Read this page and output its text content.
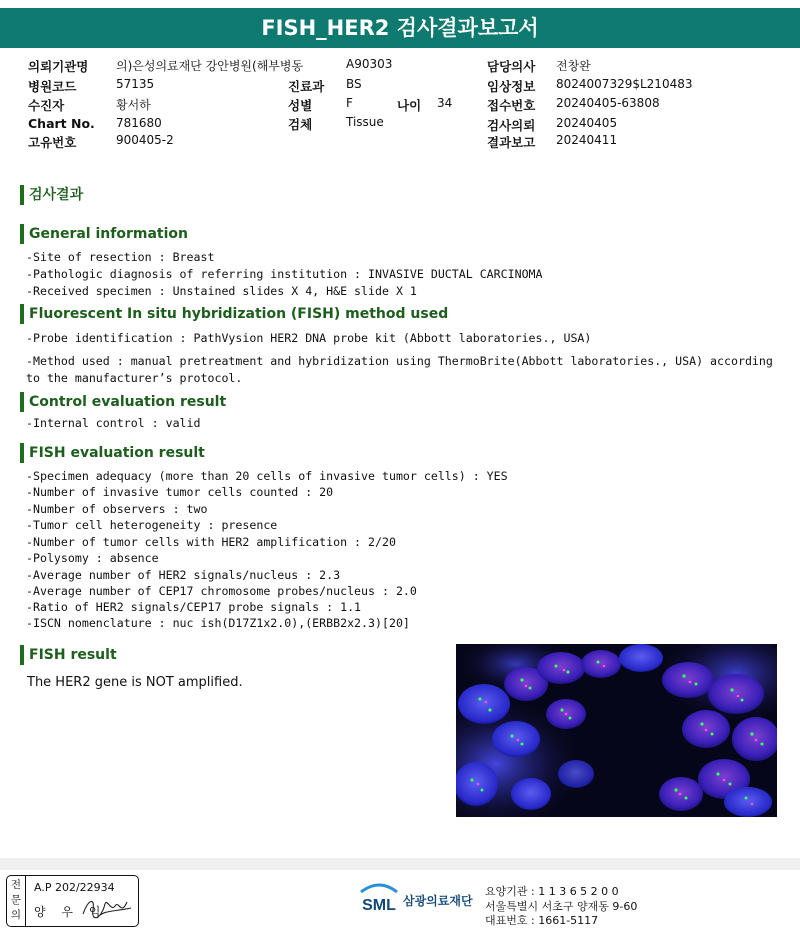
FISH_HER2 검사결과보고서
의뢰기관명 의)은성의료재단 강안병원(해부병동	A90303	담당의사 전창완
병원코드	57135	진료과 BS	임상정보 8024007329$L210483
수진자	황서하	성별	F	나이 34	접수번호 20240405-63808
Chart No. 781680	검체	Tissue	검사의뢰 20240405
고유번호	900405-2	결과보고 20240411
검사결과
General information
-Site of resection : Breast
-Pathologic diagnosis of referring institution : INVASIVE DUCTAL CARCINOMA
-Received specimen : Unstained slides X 4, H&E slide X 1
Fluorescent In situ hybridization (FISH) method used
-Probe identification : PathVysion HER2 DNA probe kit (Abbott laboratories., USA)
-Method used : manual pretreatment and hybridization using ThermoBrite(Abbott laboratories., USA) according
to the manufacturer’s protocol.
Control evaluation result
-Internal control : valid
FISH evaluation result
-Specimen adequacy (more than 20 cells of invasive tumor cells) : YES
-Number of invasive tumor cells counted : 20
-Number of observers : two
-Tumor cell heterogeneity : presence
-Number of tumor cells with HER2 amplification : 2/20
-Polysomy : absence
-Average number of HER2 signals/nucleus : 2.3
-Average number of CEP17 chromosome probes/nucleus : 2.0
-Ratio of HER2 signals/CEP17 probe signals : 1.1
-ISCN nomenclature : nuc ish(D17Z1x2.0),(ERBB2x2.3)[20]
FISH result
The HER2 gene is NOT amplified.
전
문
의
A.P 202/22934
양 우 익	SML 삼광의료재단
요양기관 : 1 1 3 6 5 2 0 0
서울특별시 서초구 양재동 9-60
대표번호 : 1661-5117
